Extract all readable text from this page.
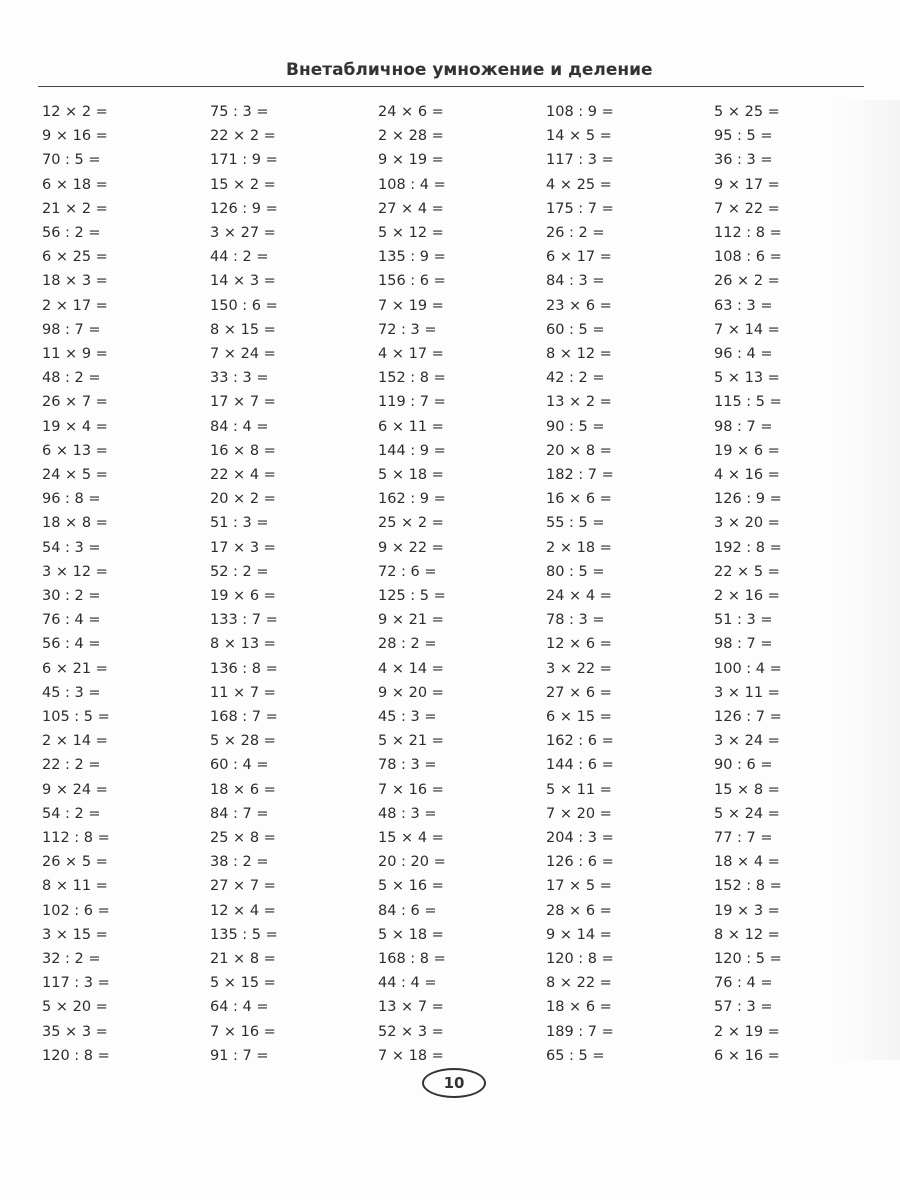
Внетабличное умножение и деление
12 × 2 =
9 × 16 =
70 : 5 =
6 × 18 =
21 × 2 =
56 : 2 =
6 × 25 =
18 × 3 =
2 × 17 =
98 : 7 =
11 × 9 =
48 : 2 =
26 × 7 =
19 × 4 =
6 × 13 =
24 × 5 =
96 : 8 =
18 × 8 =
54 : 3 =
3 × 12 =
30 : 2 =
76 : 4 =
56 : 4 =
6 × 21 =
45 : 3 =
105 : 5 =
2 × 14 =
22 : 2 =
9 × 24 =
54 : 2 =
112 : 8 =
26 × 5 =
8 × 11 =
102 : 6 =
3 × 15 =
32 : 2 =
117 : 3 =
5 × 20 =
35 × 3 =
120 : 8 =
75 : 3 =
22 × 2 =
171 : 9 =
15 × 2 =
126 : 9 =
3 × 27 =
44 : 2 =
14 × 3 =
150 : 6 =
8 × 15 =
7 × 24 =
33 : 3 =
17 × 7 =
84 : 4 =
16 × 8 =
22 × 4 =
20 × 2 =
51 : 3 =
17 × 3 =
52 : 2 =
19 × 6 =
133 : 7 =
8 × 13 =
136 : 8 =
11 × 7 =
168 : 7 =
5 × 28 =
60 : 4 =
18 × 6 =
84 : 7 =
25 × 8 =
38 : 2 =
27 × 7 =
12 × 4 =
135 : 5 =
21 × 8 =
5 × 15 =
64 : 4 =
7 × 16 =
91 : 7 =
24 × 6 =
2 × 28 =
9 × 19 =
108 : 4 =
27 × 4 =
5 × 12 =
135 : 9 =
156 : 6 =
7 × 19 =
72 : 3 =
4 × 17 =
152 : 8 =
119 : 7 =
6 × 11 =
144 : 9 =
5 × 18 =
162 : 9 =
25 × 2 =
9 × 22 =
72 : 6 =
125 : 5 =
9 × 21 =
28 : 2 =
4 × 14 =
9 × 20 =
45 : 3 =
5 × 21 =
78 : 3 =
7 × 16 =
48 : 3 =
15 × 4 =
20 : 20 =
5 × 16 =
84 : 6 =
5 × 18 =
168 : 8 =
44 : 4 =
13 × 7 =
52 × 3 =
7 × 18 =
108 : 9 =
14 × 5 =
117 : 3 =
4 × 25 =
175 : 7 =
26 : 2 =
6 × 17 =
84 : 3 =
23 × 6 =
60 : 5 =
8 × 12 =
42 : 2 =
13 × 2 =
90 : 5 =
20 × 8 =
182 : 7 =
16 × 6 =
55 : 5 =
2 × 18 =
80 : 5 =
24 × 4 =
78 : 3 =
12 × 6 =
3 × 22 =
27 × 6 =
6 × 15 =
162 : 6 =
144 : 6 =
5 × 11 =
7 × 20 =
204 : 3 =
126 : 6 =
17 × 5 =
28 × 6 =
9 × 14 =
120 : 8 =
8 × 22 =
18 × 6 =
189 : 7 =
65 : 5 =
5 × 25 =
95 : 5 =
36 : 3 =
9 × 17 =
7 × 22 =
112 : 8 =
108 : 6 =
26 × 2 =
63 : 3 =
7 × 14 =
96 : 4 =
5 × 13 =
115 : 5 =
98 : 7 =
19 × 6 =
4 × 16 =
126 : 9 =
3 × 20 =
192 : 8 =
22 × 5 =
2 × 16 =
51 : 3 =
98 : 7 =
100 : 4 =
3 × 11 =
126 : 7 =
3 × 24 =
90 : 6 =
15 × 8 =
5 × 24 =
77 : 7 =
18 × 4 =
152 : 8 =
19 × 3 =
8 × 12 =
120 : 5 =
76 : 4 =
57 : 3 =
2 × 19 =
6 × 16 =
10
